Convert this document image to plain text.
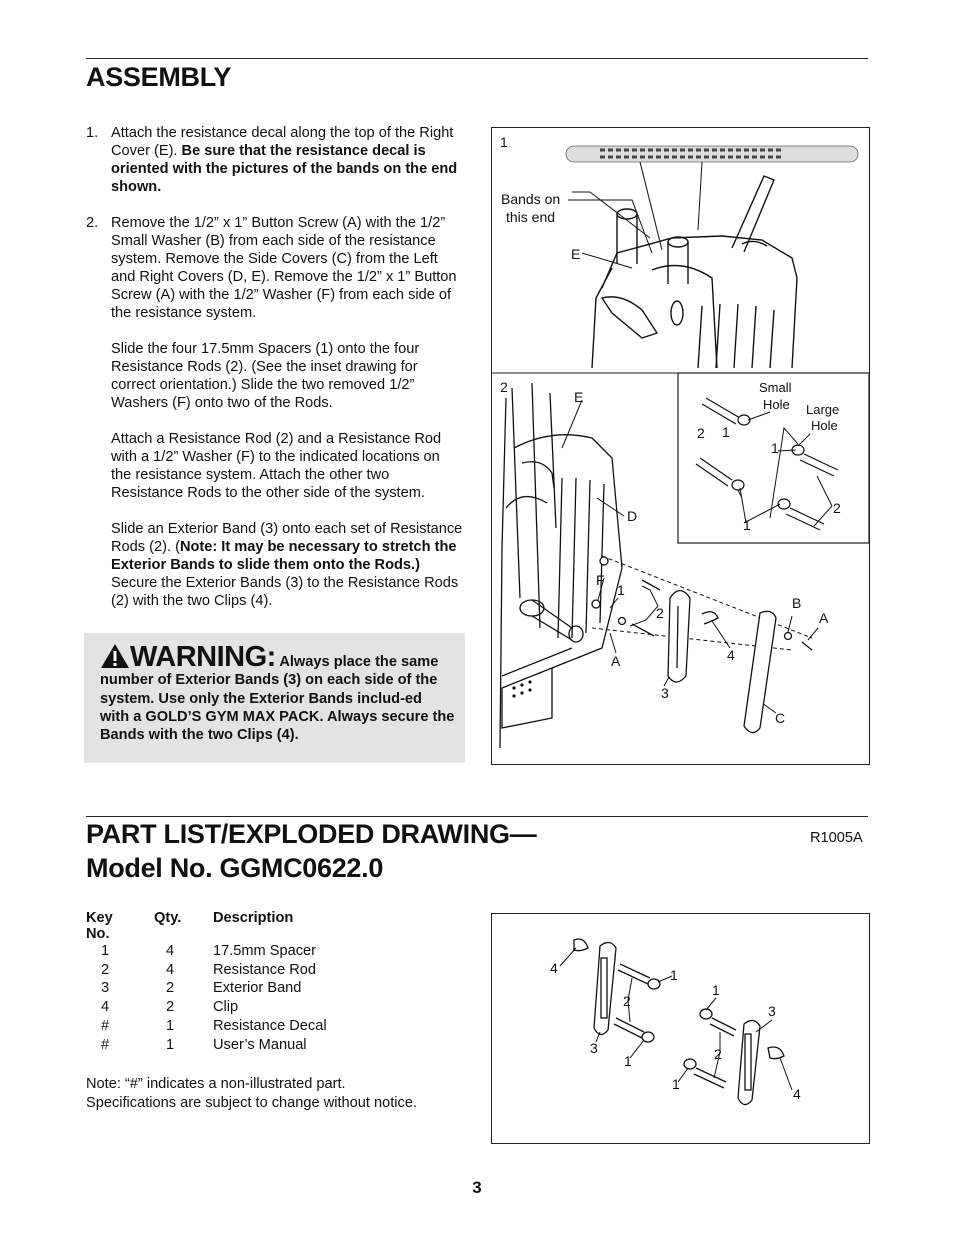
ASSEMBLY
1. Attach the resistance decal along the top of the Right Cover (E). Be sure that the resistance decal is oriented with the pictures of the bands on the end shown.

2. Remove the 1/2” x 1” Button Screw (A) with the 1/2” Small Washer (B) from each side of the resistance system. Remove the Side Covers (C) from the Left and Right Covers (D, E). Remove the 1/2” x 1” Button Screw (A) with the 1/2” Washer (F) from each side of the resistance system.

Slide the four 17.5mm Spacers (1) onto the four Resistance Rods (2). (See the inset drawing for correct orientation.) Slide the two removed 1/2” Washers (F) onto two of the Rods.

Attach a Resistance Rod (2) and a Resistance Rod with a 1/2” Washer (F) to the indicated locations on the resistance system. Attach the other two Resistance Rods to the other side of the system.

Slide an Exterior Band (3) onto each set of Resistance Rods (2). (Note: It may be necessary to stretch the Exterior Bands to slide them onto the Rods.) Secure the Exterior Bands (3) to the Resistance Rods (2) with the two Clips (4).

WARNING: Always place the same number of Exterior Bands (3) on each side of the system. Use only the Exterior Bands includ-ed with a GOLD’S GYM MAX PACK. Always secure the Bands with the two Clips (4).
1
Bands on
this end
E
2
E
D
F
1
2
A
3
4
B
A
C
Small
Hole Large
Hole
2 1
1
1
2
PART LIST/EXPLODED DRAWING—
Model No. GGMC0622.0
R1005A
Key No.
Qty. Description
1	4	17.5mm Spacer
2	4	Resistance Rod
3	2	Exterior Band
4	2	Clip
#	1	Resistance Decal
#	1	User’s Manual
Note: “#” indicates a non-illustrated part.
Specifications are subject to change without notice.
4	1
2
3
1
1
3
2
1
4
3
